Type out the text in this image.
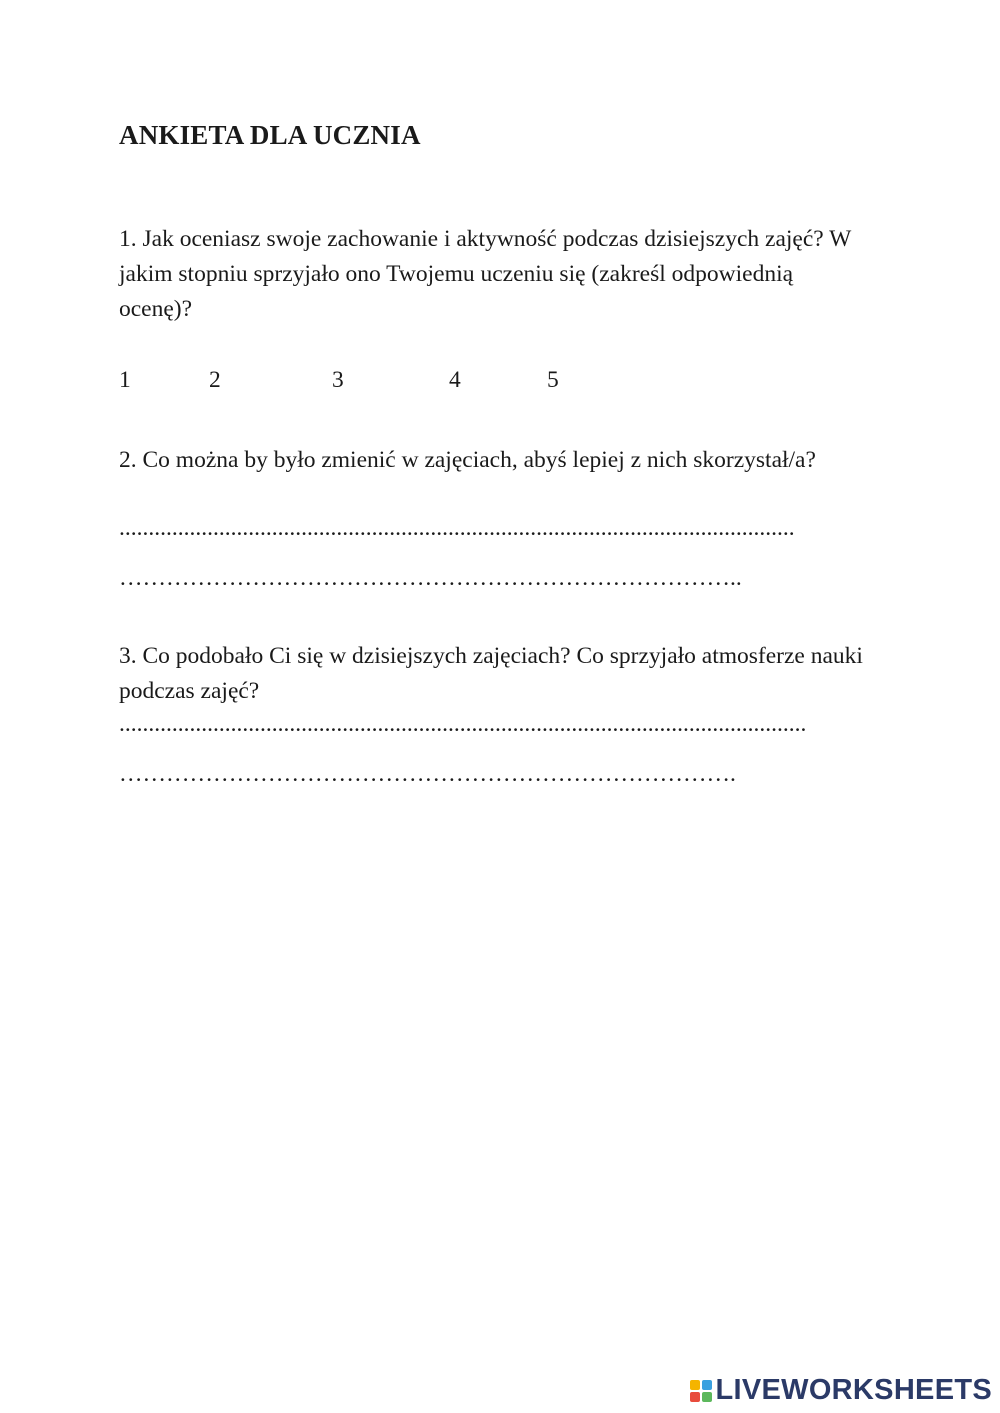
ANKIETA DLA UCZNIA

1. Jak oceniasz swoje zachowanie i aktywność podczas dzisiejszych zajęć? W jakim stopniu sprzyjało ono Twojemu uczeniu się (zakreśl odpowiednią ocenę)?

1	2	3	4	5

2. Co można by było zmienić w zajęciach, abyś lepiej z nich skorzystał/a?

...................................................................................................................
……………………………………………………………………..

3. Co podobało Ci się w dzisiejszych zajęciach? Co sprzyjało atmosferze nauki podczas zajęć?

.....................................................................................................................
…………………………………………………………………….
LIVEWORKSHEETS
